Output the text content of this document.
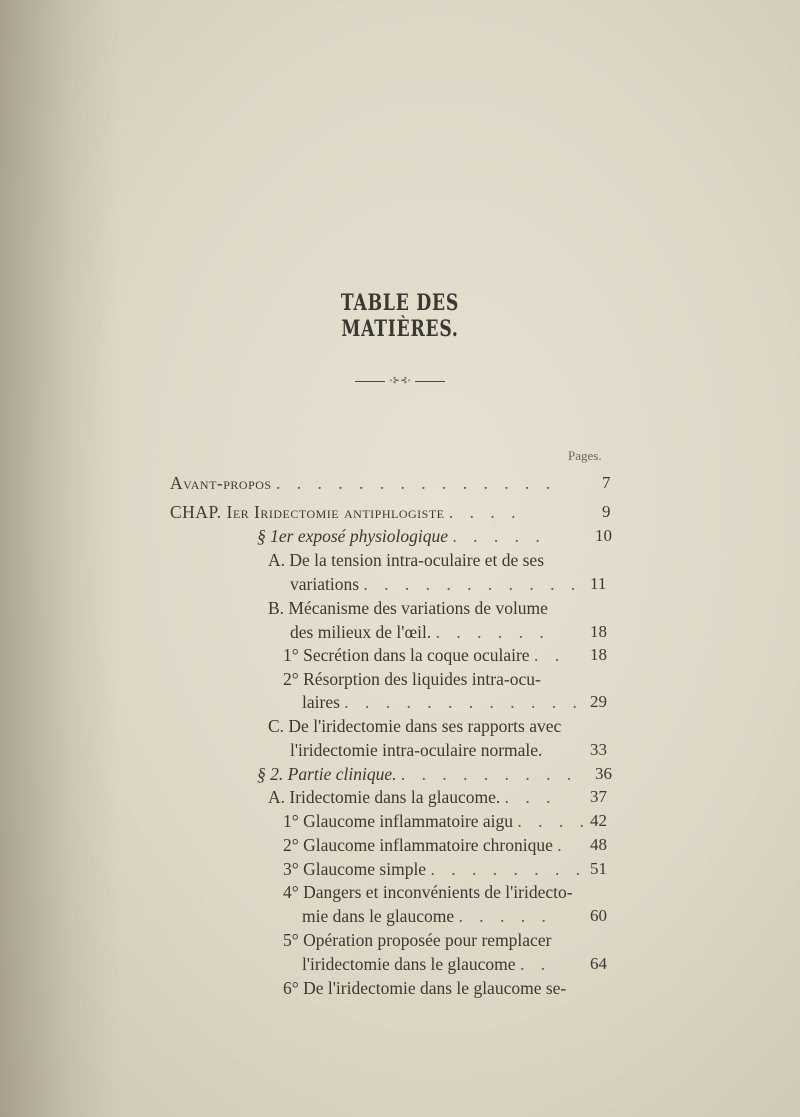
TABLE DES MATIÈRES.
◦⊱⊰◦
Pages.
Avant-propos . . . . . . . . . . . . . .	7
CHAP. Ier Iridectomie antiphlogiste . . . .	9
§ 1er exposé physiologique . . . . .	10
A. De la tension intra-oculaire et de ses
variations . . . . . . . . . . . 11
B. Mécanisme des variations de volume
des milieux de l'œil. . . . . . . 18
1° Secrétion dans la coque oculaire . . 18
2° Résorption des liquides intra-ocu-
laires . . . . . . . . . . . . 29
C. De l'iridectomie dans ses rapports avec
l'iridectomie intra-oculaire normale.	33
§ 2. Partie clinique. . . . . . . . . . 36
A. Iridectomie dans la glaucome. . . . 37
1° Glaucome inflammatoire aigu . . . . 42
2° Glaucome inflammatoire chronique . 48
3° Glaucome simple . . . . . . . . 51
4° Dangers et inconvénients de l'iridecto-
mie dans le glaucome . . . . . 60
5° Opération proposée pour remplacer
l'iridectomie dans le glaucome . . 64
6° De l'iridectomie dans le glaucome se-
